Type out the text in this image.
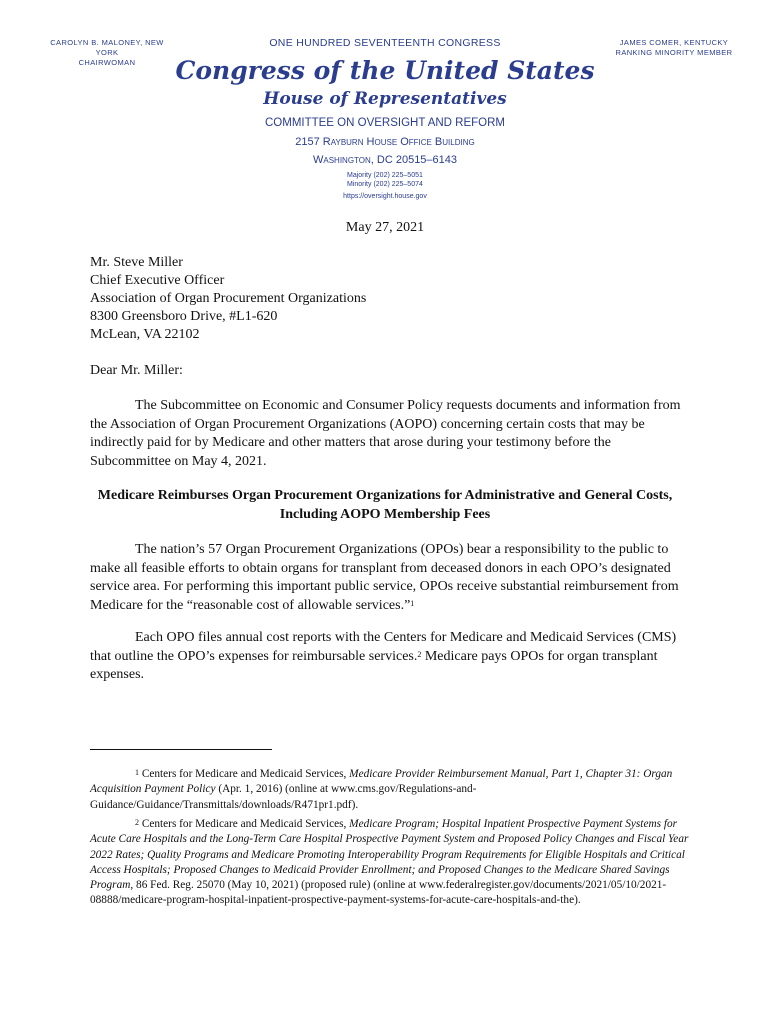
CAROLYN B. MALONEY, NEW YORK
CHAIRWOMAN
ONE HUNDRED SEVENTEENTH CONGRESS	JAMES COMER, KENTUCKY
RANKING MINORITY MEMBER
Congress of the United States
House of Representatives
COMMITTEE ON OVERSIGHT AND REFORM
2157 Rayburn House Office Building
Washington, DC 20515–6143
Majority (202) 225–5051
Minority (202) 225–5074
https://oversight.house.gov
May 27, 2021
Mr. Steve Miller
Chief Executive Officer
Association of Organ Procurement Organizations
8300 Greensboro Drive, #L1-620
McLean, VA 22102
Dear Mr. Miller:
The Subcommittee on Economic and Consumer Policy requests documents and information from the Association of Organ Procurement Organizations (AOPO) concerning certain costs that may be indirectly paid for by Medicare and other matters that arose during your testimony before the Subcommittee on May 4, 2021.
Medicare Reimburses Organ Procurement Organizations for Administrative and General Costs, Including AOPO Membership Fees
The nation’s 57 Organ Procurement Organizations (OPOs) bear a responsibility to the public to make all feasible efforts to obtain organs for transplant from deceased donors in each OPO’s designated service area. For performing this important public service, OPOs receive substantial reimbursement from Medicare for the “reasonable cost of allowable services.”$^1$
Each OPO files annual cost reports with the Centers for Medicare and Medicaid Services (CMS) that outline the OPO’s expenses for reimbursable services.$^2$ Medicare pays OPOs for organ transplant expenses.
$^1$ Centers for Medicare and Medicaid Services, Medicare Provider Reimbursement Manual, Part 1, Chapter 31: Organ Acquisition Payment Policy (Apr. 1, 2016) (online at www.cms.gov/Regulations-and-Guidance/Guidance/Transmittals/downloads/R471pr1.pdf).
$^2$ Centers for Medicare and Medicaid Services, Medicare Program; Hospital Inpatient Prospective Payment Systems for Acute Care Hospitals and the Long-Term Care Hospital Prospective Payment System and Proposed Policy Changes and Fiscal Year 2022 Rates; Quality Programs and Medicare Promoting Interoperability Program Requirements for Eligible Hospitals and Critical Access Hospitals; Proposed Changes to Medicaid Provider Enrollment; and Proposed Changes to the Medicare Shared Savings Program, 86 Fed. Reg. 25070 (May 10, 2021) (proposed rule) (online at www.federalregister.gov/documents/2021/05/10/2021-08888/medicare-program-hospital-inpatient-prospective-payment-systems-for-acute-care-hospitals-and-the).
